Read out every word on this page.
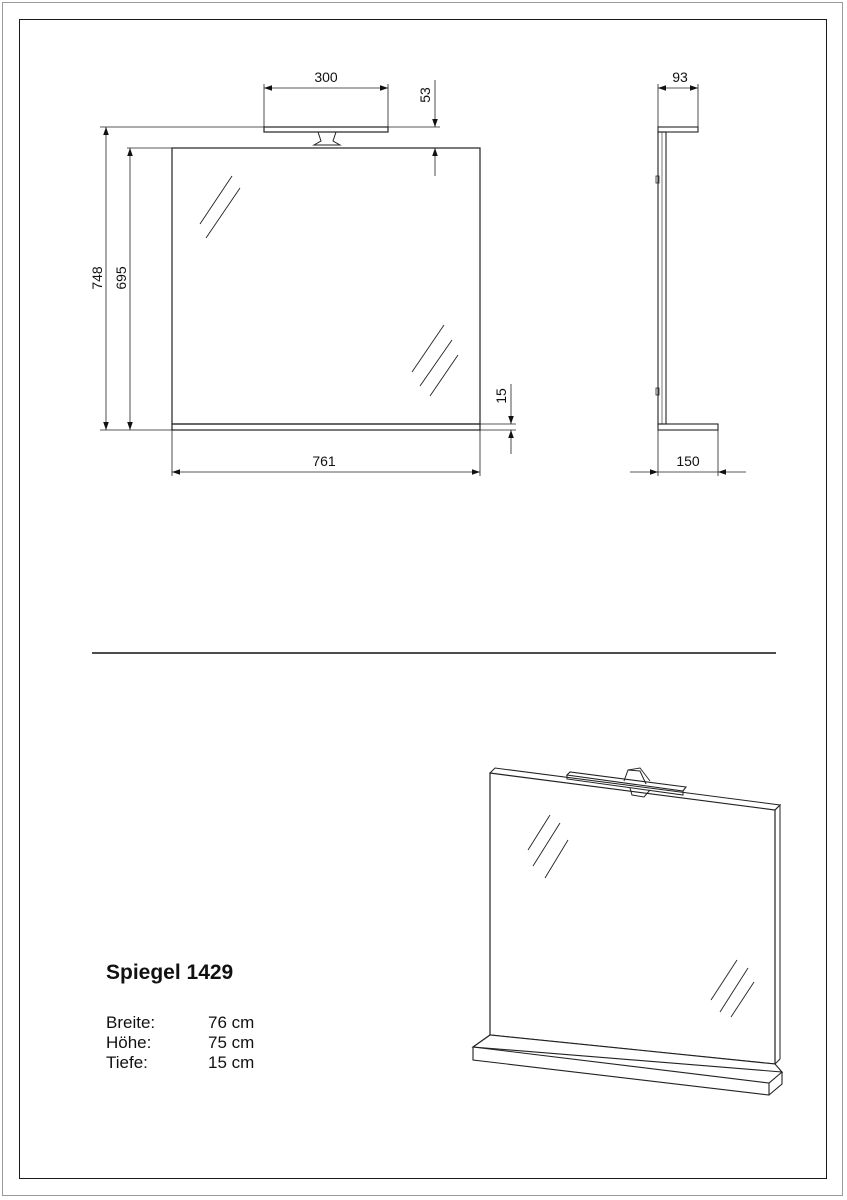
300
53
748 695
15
761
93
150
Spiegel 1429
Breite:	76 cm
Höhe:	75 cm
Tiefe:	15 cm
